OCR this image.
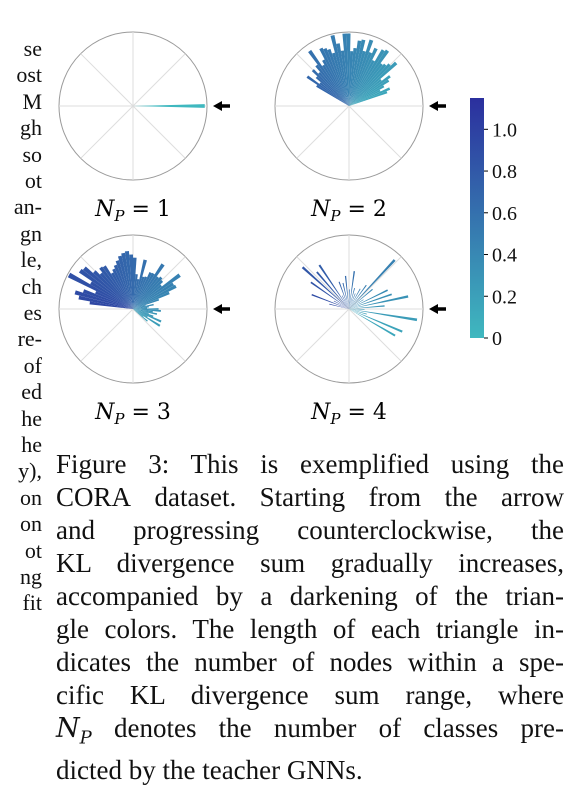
se
ost
M
gh
so
ot
an-
gn
le,
ch
es
re-
of
ed
he
he
y),
on
on
ot
ng
fit
$N_P = 1$	$N_P = 2$
$N_P = 3$	$N_P = 4$
0
0.2
0.4
0.6
0.8
1.0
Figure 3: This is exemplified using the
CORA dataset. Starting from the arrow
and progressing counterclockwise, the
KL divergence sum gradually increases,
accompanied by a darkening of the trian-
gle colors. The length of each triangle in-
dicates the number of nodes within a spe-
cific KL divergence sum range, where
$N_P$ denotes the number of classes pre-
dicted by the teacher GNNs.
